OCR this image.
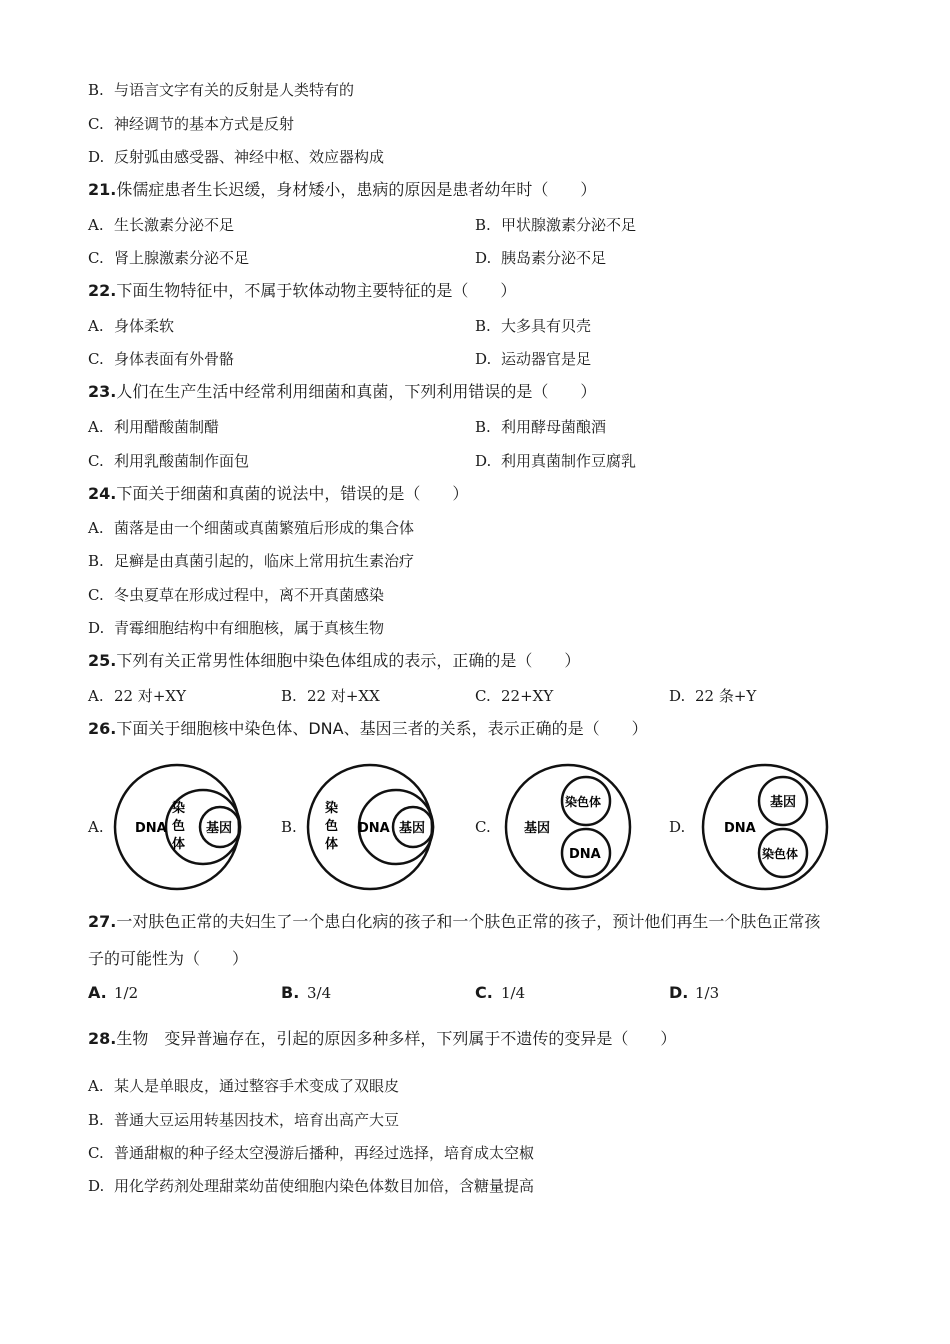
B. 与语言文字有关的反射是人类特有的
C. 神经调节的基本方式是反射
D. 反射弧由感受器、神经中枢、效应器构成
21.侏儒症患者生长迟缓，身材矮小，患病的原因是患者幼年时（　　）
A. 生长激素分泌不足	B. 甲状腺激素分泌不足
C. 肾上腺激素分泌不足	D. 胰岛素分泌不足
22.下面生物特征中，不属于软体动物主要特征的是（　　）
A. 身体柔软	B. 大多具有贝壳
C. 身体表面有外骨骼	D. 运动器官是足
23.人们在生产生活中经常利用细菌和真菌，下列利用错误的是（　　）
A. 利用醋酸菌制醋	B. 利用酵母菌酿酒
C. 利用乳酸菌制作面包	D. 利用真菌制作豆腐乳
24.下面关于细菌和真菌的说法中，错误的是（　　）
A. 菌落是由一个细菌或真菌繁殖后形成的集合体
B. 足癣是由真菌引起的，临床上常用抗生素治疗
C. 冬虫夏草在形成过程中，离不开真菌感染
D. 青霉细胞结构中有细胞核，属于真核生物
25.下列有关正常男性体细胞中染色体组成的表示，正确的是（　　）
A. 22 对+XY	B. 22 对+XX	C. 22+XY	D. 22 条+Y
26.下面关于细胞核中染色体、DNA、基因三者的关系，表示正确的是（　　）
A. DNA
染
色
体
基因	B.
染
色
体
DNA 基因	C.	基因
染色体
DNA
D.	DNA
基因
染色体
27.一对肤色正常的夫妇生了一个患白化病的孩子和一个肤色正常的孩子，预计他们再生一个肤色正常孩
子的可能性为（　　）
A. 1/2	B. 3/4	C. 1/4	D. 1/3
28.生物　变异普遍存在，引起的原因多种多样，下列属于不遗传的变异是（　　）
A. 某人是单眼皮，通过整容手术变成了双眼皮
B. 普通大豆运用转基因技术，培育出高产大豆
C. 普通甜椒的种子经太空漫游后播种，再经过选择，培育成太空椒
D. 用化学药剂处理甜菜幼苗使细胞内染色体数目加倍，含糖量提高
